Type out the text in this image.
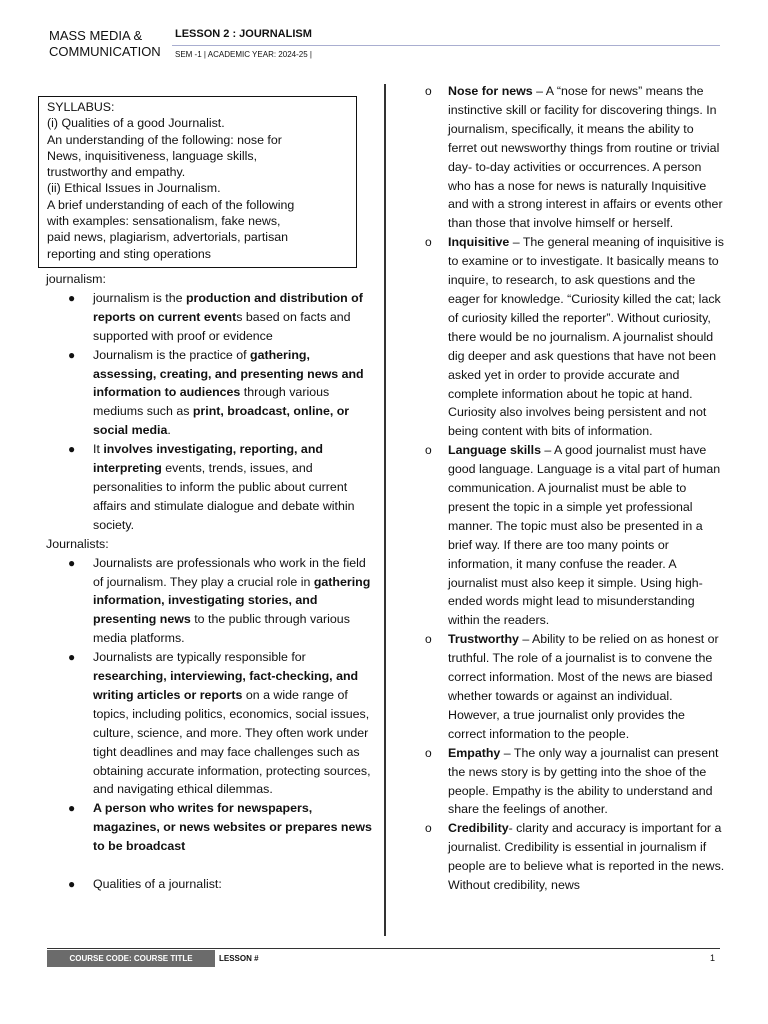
MASS MEDIA &
COMMUNICATION
LESSON 2 : JOURNALISM
SEM -1 | ACADEMIC YEAR: 2024-25 |
SYLLABUS:
(i) Qualities of a good Journalist.
An understanding of the following: nose for
News, inquisitiveness, language skills,
trustworthy and empathy.
(ii) Ethical Issues in Journalism.
A brief understanding of each of the following
with examples: sensationalism, fake news,
paid news, plagiarism, advertorials, partisan
reporting and sting operations
journalism:
● journalism is the production and distribution of reports on current events based on facts and supported with proof or evidence
● Journalism is the practice of gathering, assessing, creating, and presenting news and information to audiences through various mediums such as print, broadcast, online, or social media.
● It involves investigating, reporting, and interpreting events, trends, issues, and personalities to inform the public about current affairs and stimulate dialogue and debate within society.
Journalists:
● Journalists are professionals who work in the field of journalism. They play a crucial role in gathering information, investigating stories, and presenting news to the public through various media platforms.
● Journalists are typically responsible for researching, interviewing, fact-checking, and writing articles or reports on a wide range of topics, including politics, economics, social issues, culture, science, and more. They often work under tight deadlines and may face challenges such as obtaining accurate information, protecting sources, and navigating ethical dilemmas.
● A person who writes for newspapers, magazines, or news websites or prepares news to be broadcast
● Qualities of a journalist:
o Nose for news – A “nose for news” means the instinctive skill or facility for discovering things. In journalism, specifically, it means the ability to ferret out newsworthy things from routine or trivial day- to-day activities or occurrences. A person who has a nose for news is naturally Inquisitive and with a strong interest in affairs or events other than those that involve himself or herself.
o Inquisitive – The general meaning of inquisitive is to examine or to investigate. It basically means to inquire, to research, to ask questions and the eager for knowledge. “Curiosity killed the cat; lack of curiosity killed the reporter”. Without curiosity, there would be no journalism. A journalist should dig deeper and ask questions that have not been asked yet in order to provide accurate and complete information about he topic at hand. Curiosity also involves being persistent and not being content with bits of information.
o Language skills – A good journalist must have good language. Language is a vital part of human communication. A journalist must be able to present the topic in a simple yet professional manner. The topic must also be presented in a brief way. If there are too many points or information, it many confuse the reader. A journalist must also keep it simple. Using high-ended words might lead to misunderstanding within the readers.
o Trustworthy – Ability to be relied on as honest or truthful. The role of a journalist is to convene the correct information. Most of the news are biased whether towards or against an individual. However, a true journalist only provides the correct information to the people.
o Empathy – The only way a journalist can present the news story is by getting into the shoe of the people. Empathy is the ability to understand and share the feelings of another.
o Credibility- clarity and accuracy is important for a journalist. Credibility is essential in journalism if people are to believe what is reported in the news. Without credibility, news
COURSE CODE: COURSE TITLE	LESSON #	1
